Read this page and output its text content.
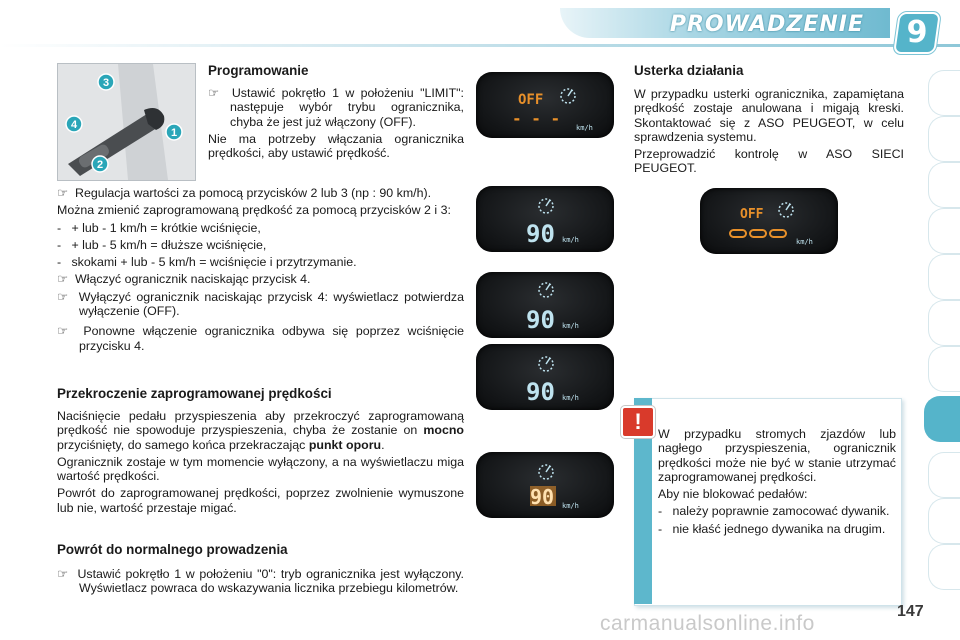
PROWADZENIE 9
3
4
1
2
Programowanie

☞  Ustawić pokrętło 1 w położeniu "LIMIT": następuje wybór trybu ogranicznika, chyba że jest już włączony (OFF).

Nie ma potrzeby włączania ogranicznika prędkości, aby ustawić prędkość.

☞  Regulacja wartości za pomocą przycisków 2 lub 3 (np : 90 km/h).

Można zmienić zaprogramowaną prędkość za pomocą przycisków 2 i 3:

-   + lub - 1 km/h = krótkie wciśnięcie,

-   + lub - 5 km/h = dłuższe wciśnięcie,

-   skokami + lub - 5 km/h = wciśnięcie i przytrzymanie.

☞  Włączyć ogranicznik naciskając przycisk 4.

☞  Wyłączyć ogranicznik naciskając przycisk 4: wyświetlacz potwierdza wyłączenie (OFF).

☞  Ponowne włączenie ogranicznika odbywa się poprzez wciśnięcie przycisku 4.

Przekroczenie zaprogramowanej prędkości

Naciśnięcie pedału przyspieszenia aby przekroczyć zaprogramowaną prędkość nie spowoduje przyspieszenia, chyba że zostanie on mocno przyciśnięty, do samego końca przekraczając punkt oporu.

Ogranicznik zostaje w tym momencie wyłączony, a na wyświetlaczu miga wartość prędkości.

Powrót do zaprogramowanej prędkości, poprzez zwolnienie wymuszone lub nie, wartość przestaje migać.

Powrót do normalnego prowadzenia

☞  Ustawić pokrętło 1 w położeniu "0": tryb ogranicznika jest wyłączony. Wyświetlacz powraca do wskazywania licznika przebiegu kilometrów.

OFF
- - - km/h
90 km/h
90 km/h
90 km/h
90 km/h
Usterka działania

W przypadku usterki ogranicznika, zapamiętana prędkość zostaje anulowana i migają kreski. Skontaktować się z ASO PEUGEOT, w celu sprawdzenia systemu.

Przeprowadzić kontrolę w ASO SIECI PEUGEOT.

OFF
km/h
!	W przypadku stromych zjazdów lub nagłego przyspieszenia, ogranicznik prędkości może nie być w stanie utrzymać zaprogramowanej prędkości.

Aby nie blokować pedałów:

-   należy poprawnie zamocować dywanik.

-   nie kłaść jednego dywanika na drugim.

carmanualsonline.info
147
